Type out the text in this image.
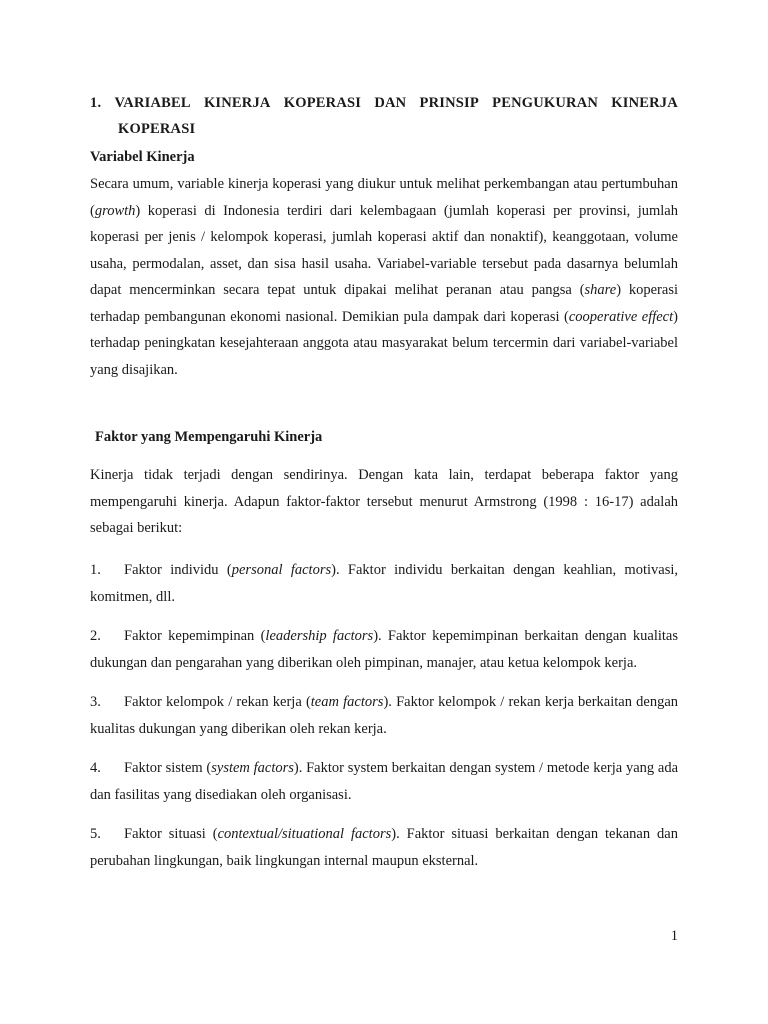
1. VARIABEL KINERJA KOPERASI DAN PRINSIP PENGUKURAN KINERJA
KOPERASI
Variabel Kinerja
Secara umum, variable kinerja koperasi yang diukur untuk melihat perkembangan atau pertumbuhan (growth) koperasi di Indonesia terdiri dari kelembagaan (jumlah koperasi per provinsi, jumlah koperasi per jenis / kelompok koperasi, jumlah koperasi aktif dan nonaktif), keanggotaan, volume usaha, permodalan, asset, dan sisa hasil usaha. Variabel-variable tersebut pada dasarnya belumlah dapat mencerminkan secara tepat untuk dipakai melihat peranan atau pangsa (share) koperasi terhadap pembangunan ekonomi nasional. Demikian pula dampak dari koperasi (cooperative effect) terhadap peningkatan kesejahteraan anggota atau masyarakat belum tercermin dari variabel-variabel yang disajikan.
Faktor yang Mempengaruhi Kinerja
Kinerja tidak terjadi dengan sendirinya. Dengan kata lain, terdapat beberapa faktor yang mempengaruhi kinerja. Adapun faktor-faktor tersebut menurut Armstrong (1998 : 16-17) adalah sebagai berikut:
1. Faktor individu (personal factors). Faktor individu berkaitan dengan keahlian, motivasi, komitmen, dll.
2. Faktor kepemimpinan (leadership factors). Faktor kepemimpinan berkaitan dengan kualitas dukungan dan pengarahan yang diberikan oleh pimpinan, manajer, atau ketua kelompok kerja.
3. Faktor kelompok / rekan kerja (team factors). Faktor kelompok / rekan kerja berkaitan dengan kualitas dukungan yang diberikan oleh rekan kerja.
4. Faktor sistem (system factors). Faktor system berkaitan dengan system / metode kerja yang ada dan fasilitas yang disediakan oleh organisasi.
5. Faktor situasi (contextual/situational factors). Faktor situasi berkaitan dengan tekanan dan perubahan lingkungan, baik lingkungan internal maupun eksternal.
1
